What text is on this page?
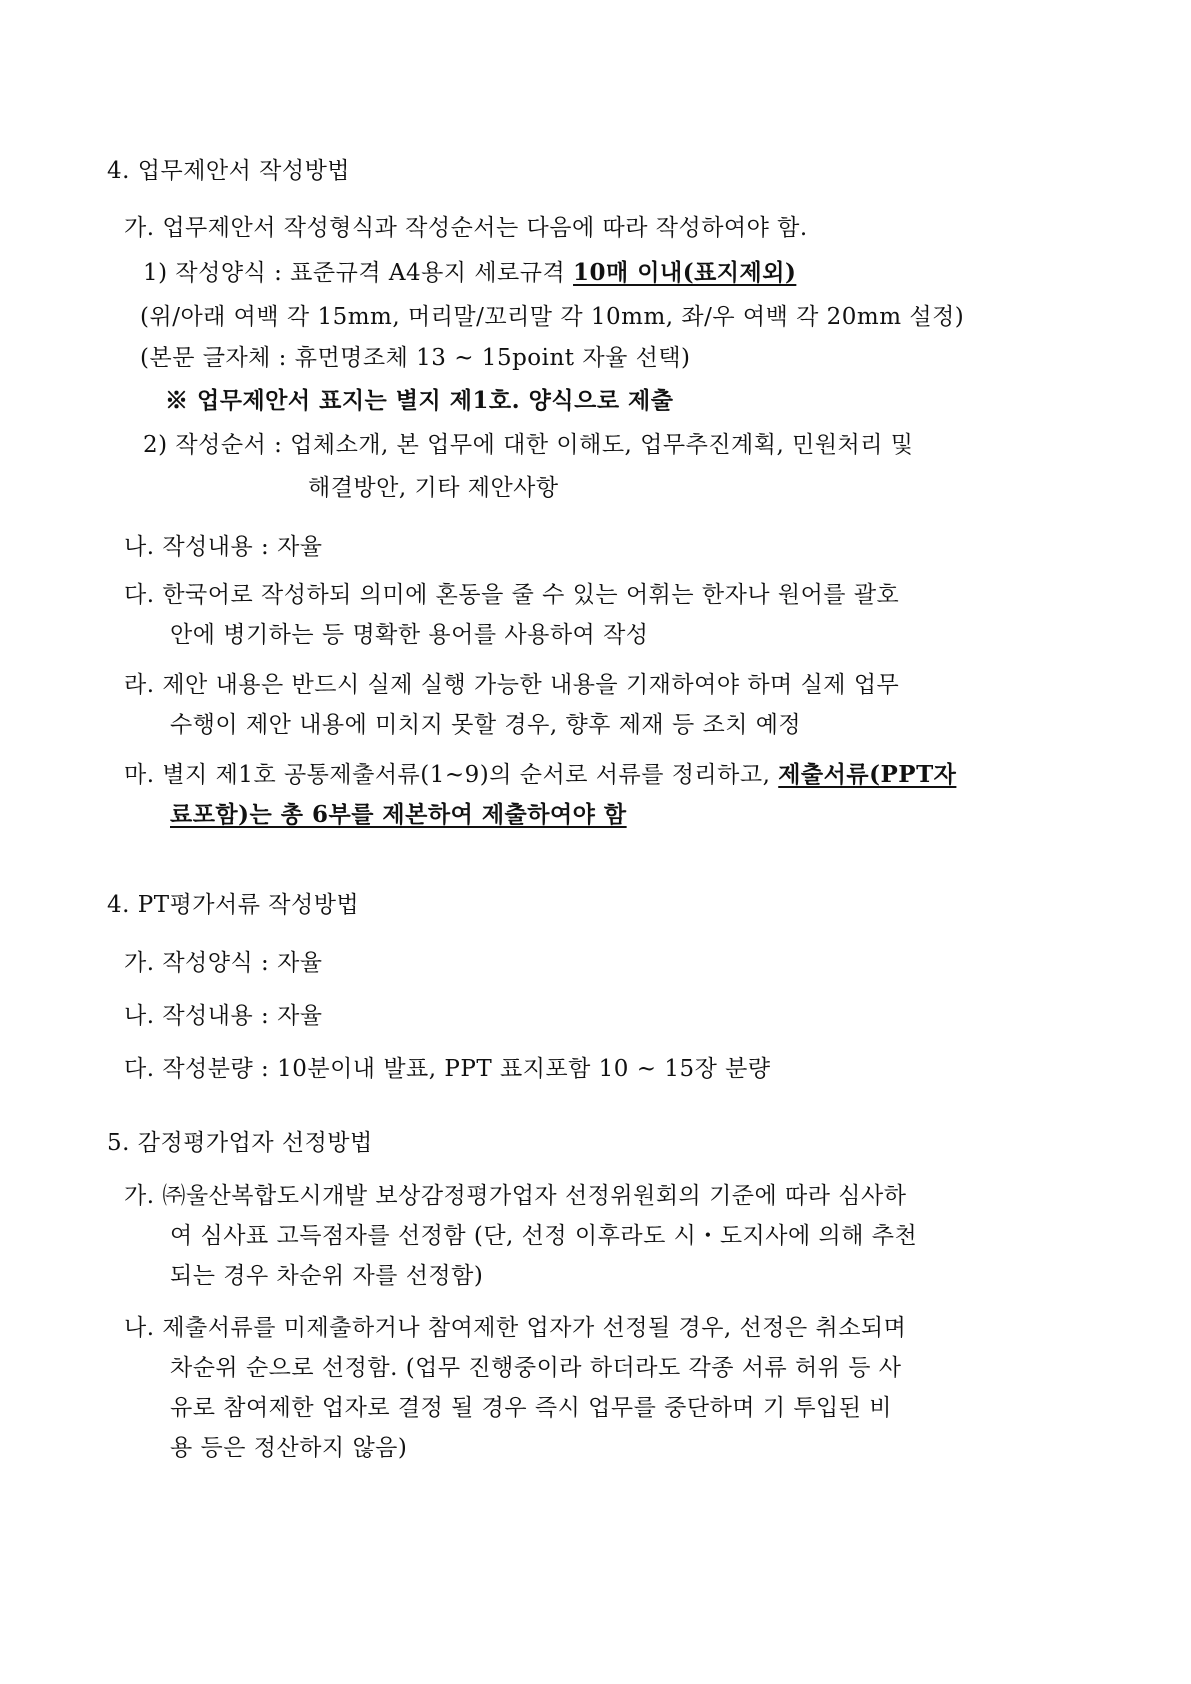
4. 업무제안서 작성방법
가. 업무제안서 작성형식과 작성순서는 다음에 따라 작성하여야 함.
1) 작성양식 : 표준규격 A4용지 세로규격 10매 이내(표지제외)
(위/아래 여백 각 15mm, 머리말/꼬리말 각 10mm, 좌/우 여백 각 20mm 설정)
(본문 글자체 : 휴먼명조체 13 ~ 15point 자율 선택)
※ 업무제안서 표지는 별지 제1호. 양식으로 제출
2) 작성순서 : 업체소개, 본 업무에 대한 이해도, 업무추진계획, 민원처리 및
해결방안, 기타 제안사항
나. 작성내용 : 자율
다. 한국어로 작성하되 의미에 혼동을 줄 수 있는 어휘는 한자나 원어를 괄호
안에 병기하는 등 명확한 용어를 사용하여 작성
라. 제안 내용은 반드시 실제 실행 가능한 내용을 기재하여야 하며 실제 업무
수행이 제안 내용에 미치지 못할 경우, 향후 제재 등 조치 예정
마. 별지 제1호 공통제출서류(1~9)의 순서로 서류를 정리하고, 제출서류(PPT자
료포함)는 총 6부를 제본하여 제출하여야 함
4. PT평가서류 작성방법
가. 작성양식 : 자율
나. 작성내용 : 자율
다. 작성분량 : 10분이내 발표, PPT 표지포함 10 ~ 15장 분량
5. 감정평가업자 선정방법
가. ㈜울산복합도시개발 보상감정평가업자 선정위원회의 기준에 따라 심사하
여 심사표 고득점자를 선정함 (단, 선정 이후라도 시・도지사에 의해 추천
되는 경우 차순위 자를 선정함)
나. 제출서류를 미제출하거나 참여제한 업자가 선정될 경우, 선정은 취소되며
차순위 순으로 선정함. (업무 진행중이라 하더라도 각종 서류 허위 등 사
유로 참여제한 업자로 결정 될 경우 즉시 업무를 중단하며 기 투입된 비
용 등은 정산하지 않음)
